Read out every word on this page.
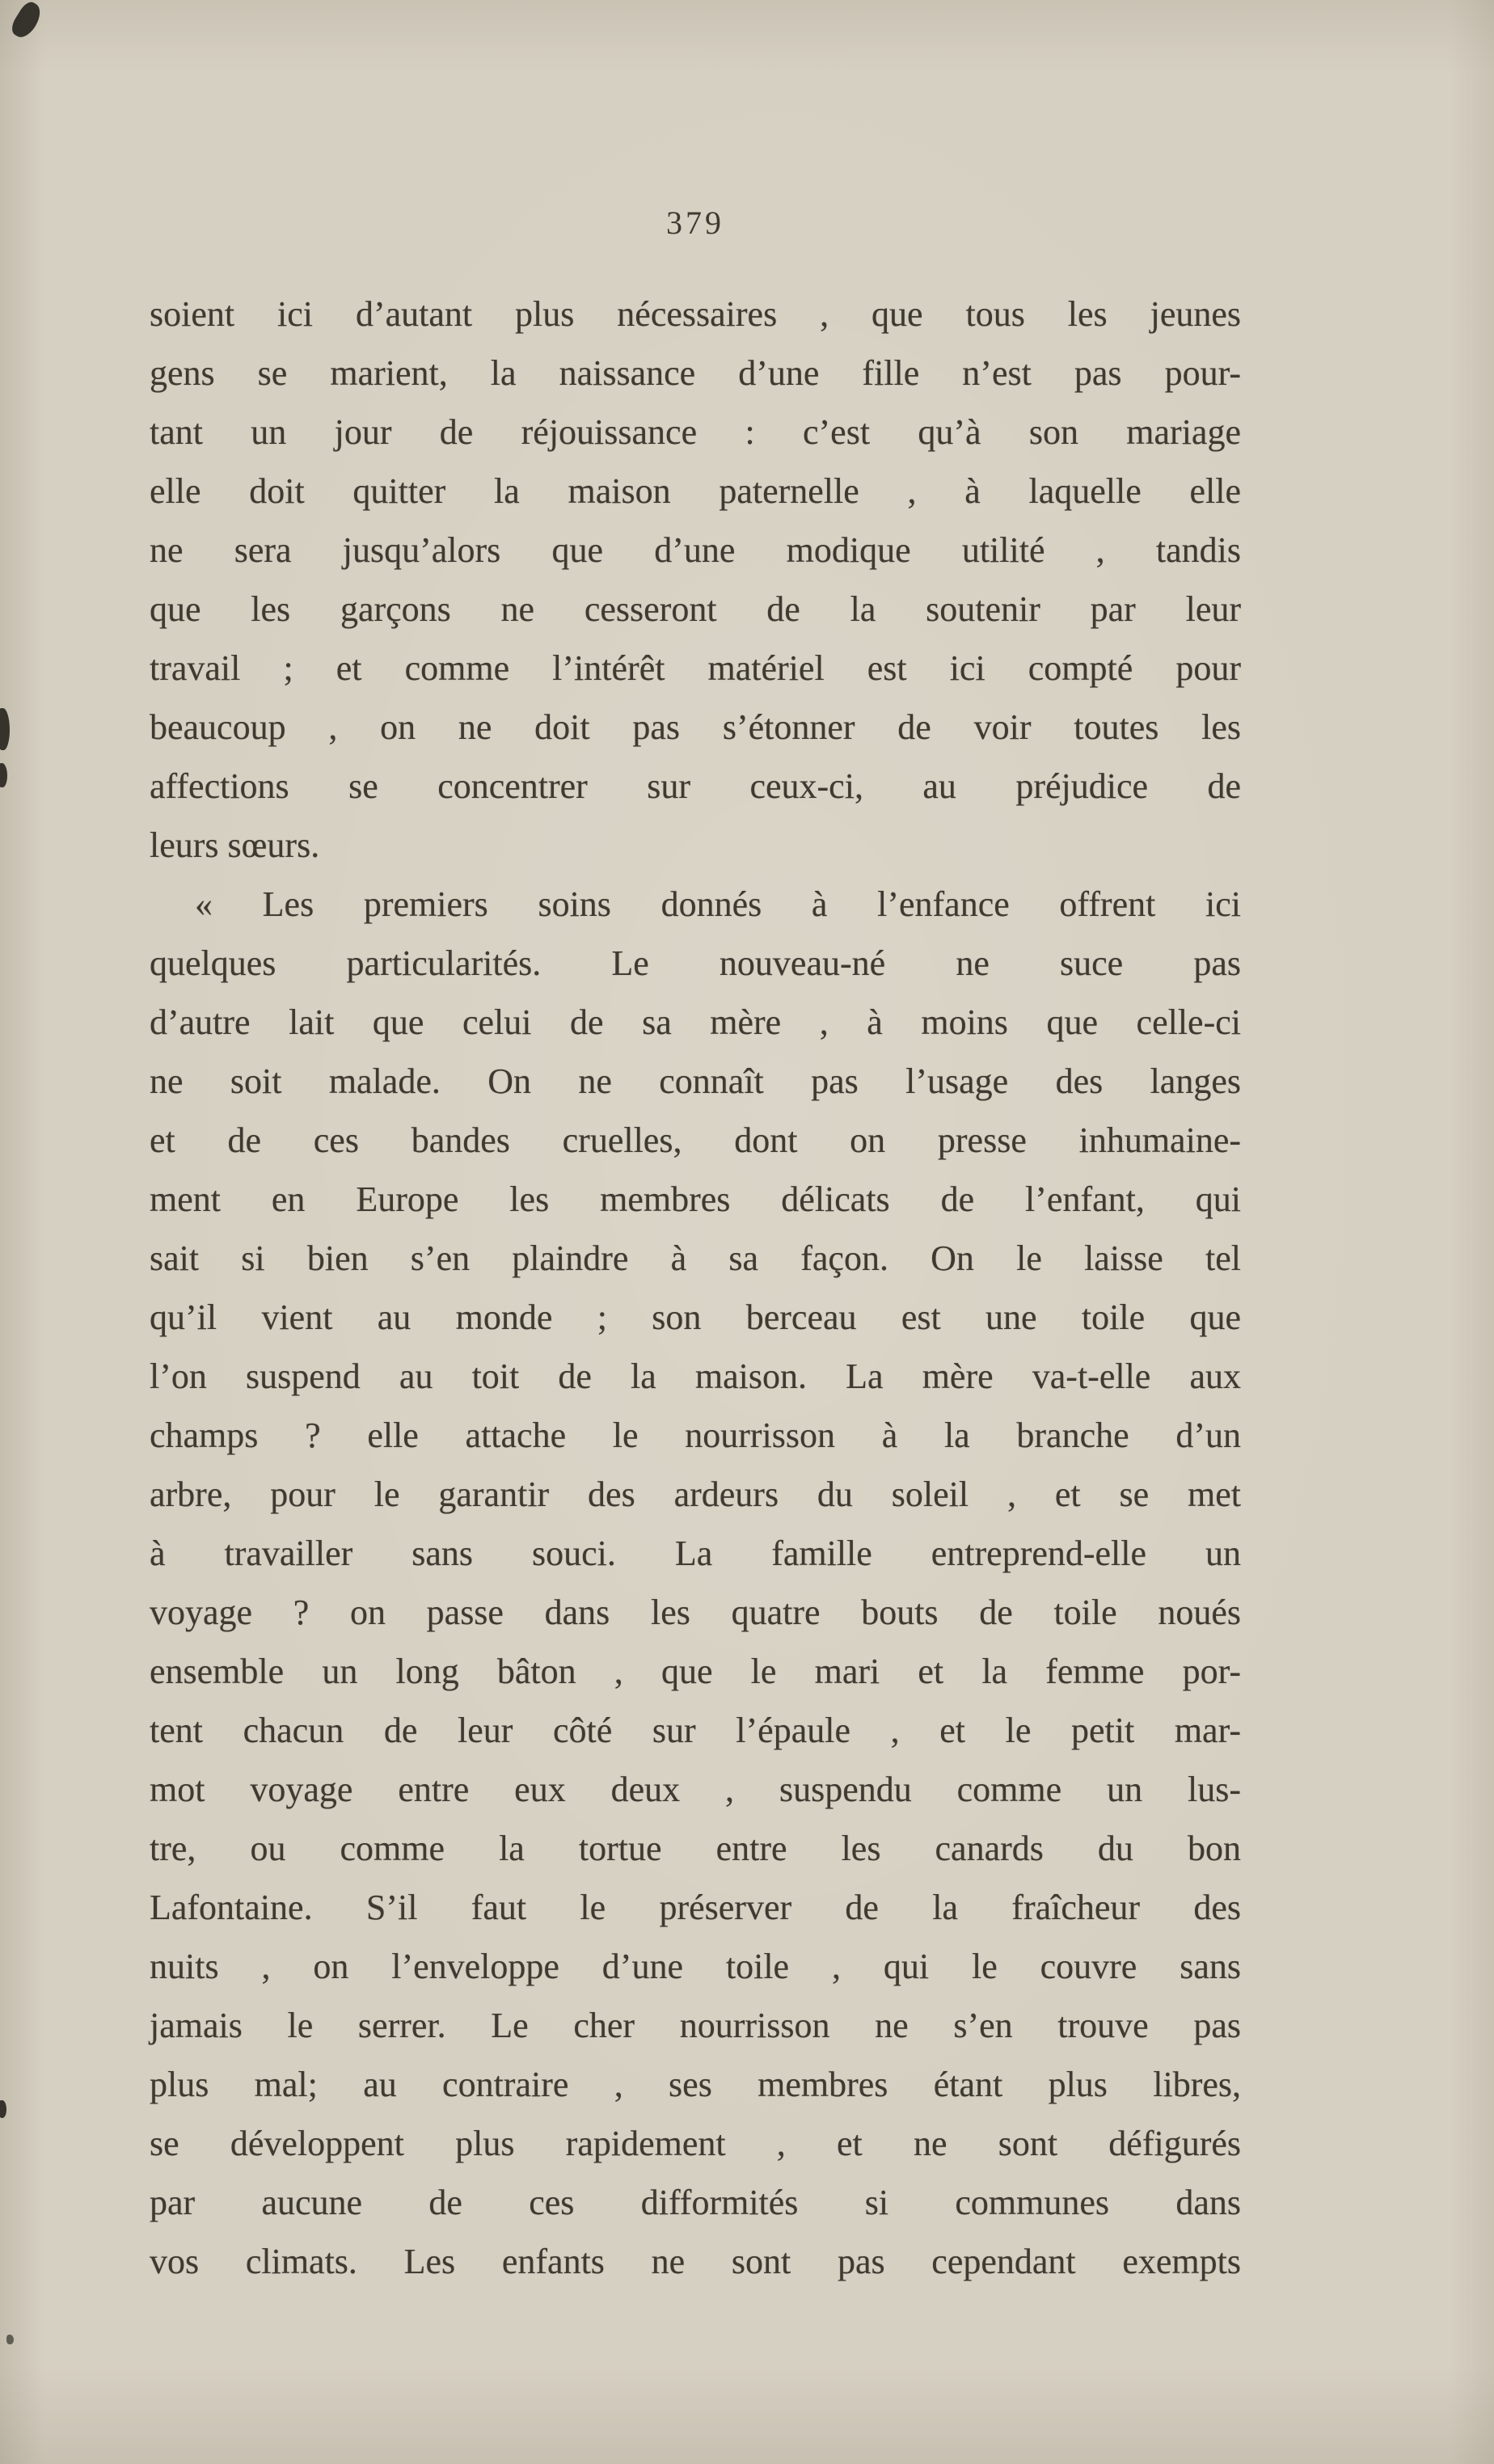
379
soient ici d’autant plus nécessaires , que tous les jeunes
gens se marient, la naissance d’une fille n’est pas pour-
tant un jour de réjouissance : c’est qu’à son mariage
elle doit quitter la maison paternelle , à laquelle elle
ne sera jusqu’alors que d’une modique utilité , tandis
que les garçons ne cesseront de la soutenir par leur
travail ; et comme l’intérêt matériel est ici compté pour
beaucoup , on ne doit pas s’étonner de voir toutes les
affections se concentrer sur ceux-ci, au préjudice de
leurs sœurs.
« Les premiers soins donnés à l’enfance offrent ici
quelques particularités. Le nouveau-né ne suce pas
d’autre lait que celui de sa mère , à moins que celle-ci
ne soit malade. On ne connaît pas l’usage des langes
et de ces bandes cruelles, dont on presse inhumaine-
ment en Europe les membres délicats de l’enfant, qui
sait si bien s’en plaindre à sa façon. On le laisse tel
qu’il vient au monde ; son berceau est une toile que
l’on suspend au toit de la maison. La mère va-t-elle aux
champs ? elle attache le nourrisson à la branche d’un
arbre, pour le garantir des ardeurs du soleil , et se met
à travailler sans souci. La famille entreprend-elle un
voyage ? on passe dans les quatre bouts de toile noués
ensemble un long bâton , que le mari et la femme por-
tent chacun de leur côté sur l’épaule , et le petit mar-
mot voyage entre eux deux , suspendu comme un lus-
tre, ou comme la tortue entre les canards du bon
Lafontaine. S’il faut le préserver de la fraîcheur des
nuits , on l’enveloppe d’une toile , qui le couvre sans
jamais le serrer. Le cher nourrisson ne s’en trouve pas
plus mal; au contraire , ses membres étant plus libres,
se développent plus rapidement , et ne sont défigurés
par aucune de ces difformités si communes dans
vos climats. Les enfants ne sont pas cependant exempts
